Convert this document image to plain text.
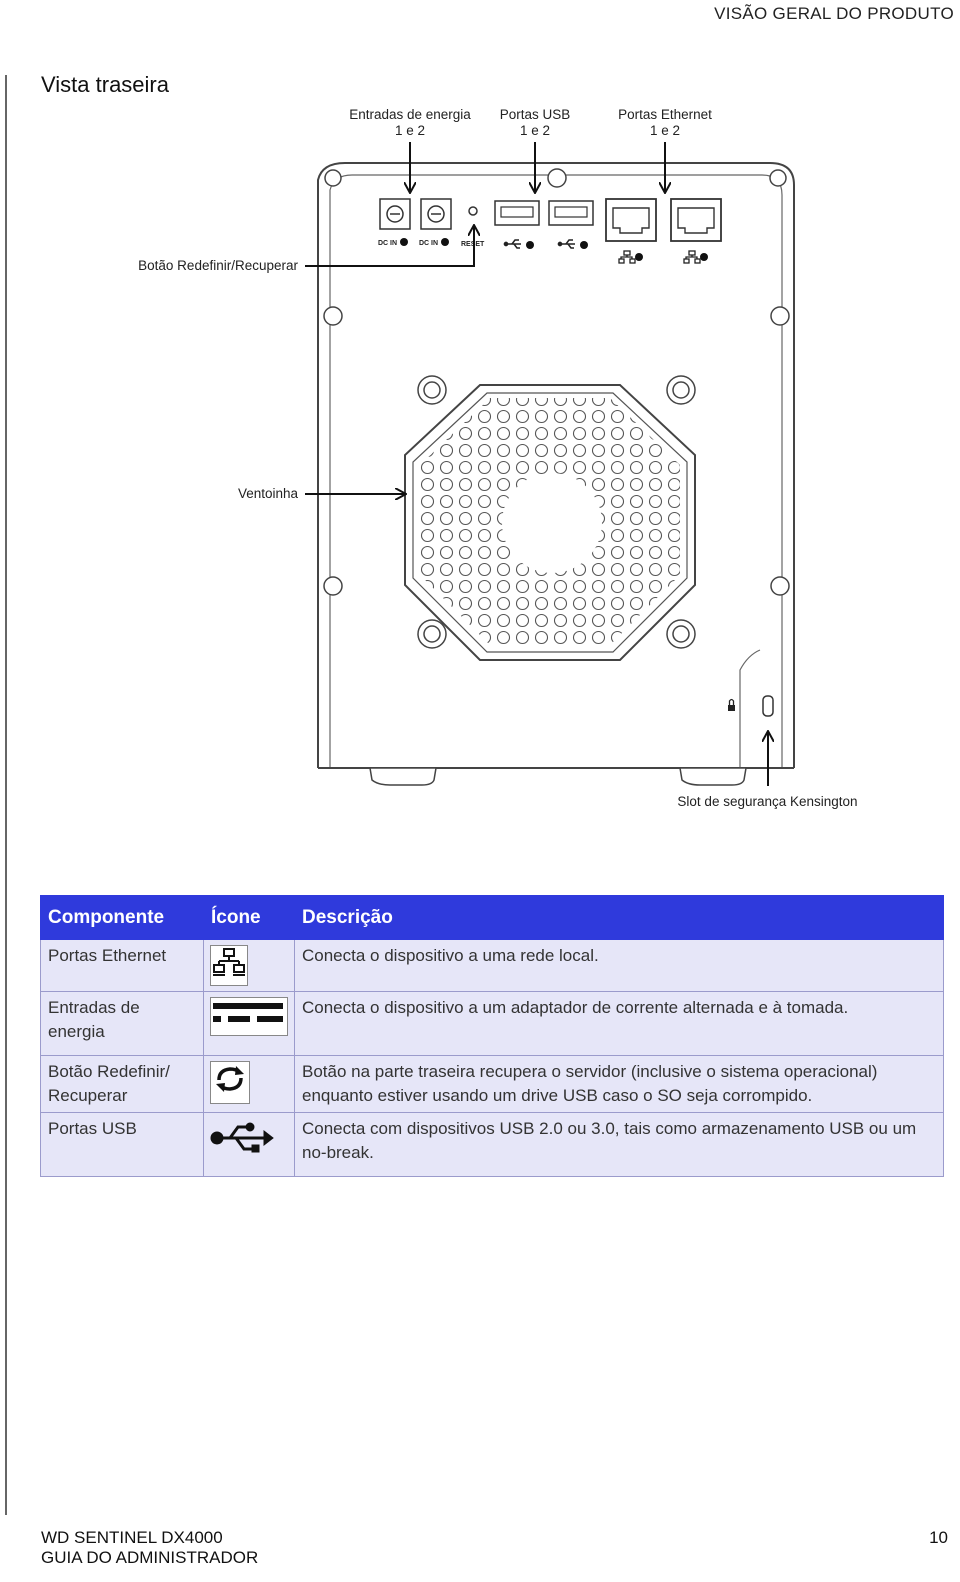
VISÃO GERAL DO PRODUTO
Vista traseira
Entradas de energia
1 e 2
Portas USB
1 e 2
Portas Ethernet
1 e 2
Botão Redefinir/Recuperar
Ventoinha
Slot de segurança Kensington
DC IN	DC IN	RESET
Componente	Ícone	Descrição
Portas Ethernet		Conecta o dispositivo a uma rede local.
Entradas de energia		Conecta o dispositivo a um adaptador de corrente alternada e à tomada.
Botão Redefinir/ Recuperar		Botão na parte traseira recupera o servidor (inclusive o sistema operacional) enquanto estiver usando um drive USB caso o SO seja corrompido.
Portas USB		Conecta com dispositivos USB 2.0 ou 3.0, tais como armazenamento USB ou um no-break.
WD SENTINEL DX4000
GUIA DO ADMINISTRADOR
10
